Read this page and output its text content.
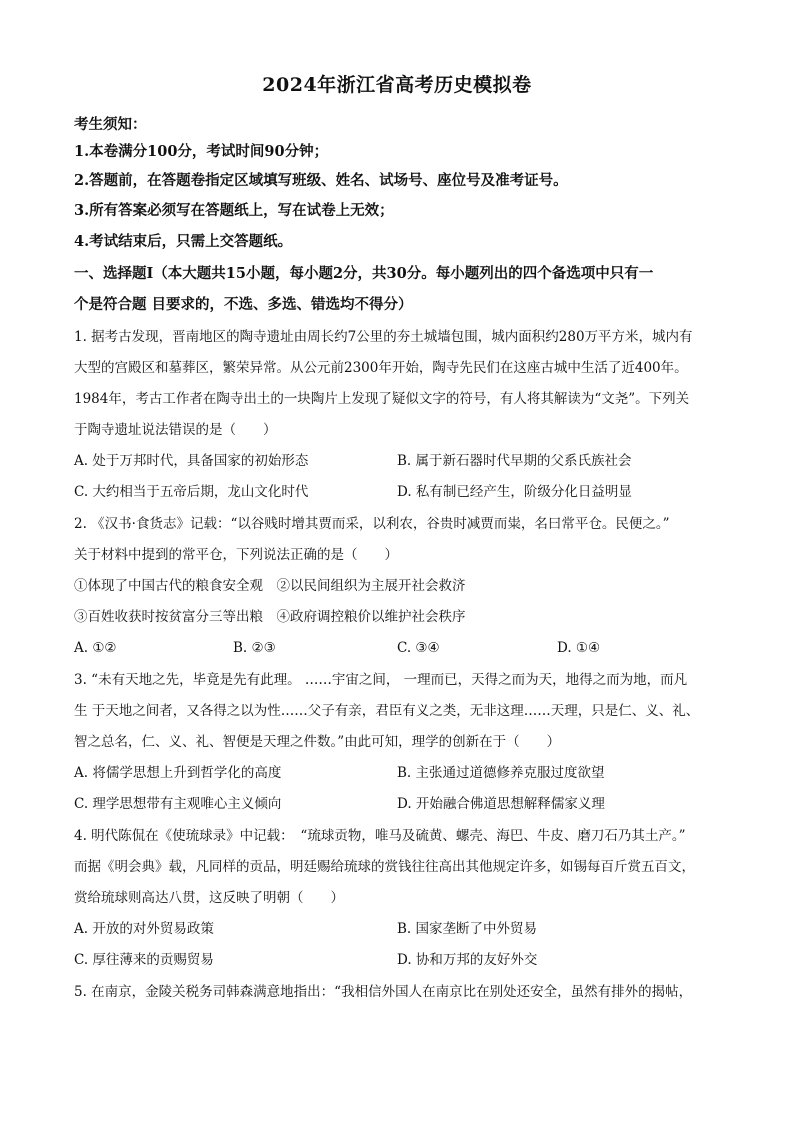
2024年浙江省高考历史模拟卷
考生须知：
1.本卷满分100分，考试时间90分钟；
2.答题前，在答题卷指定区域填写班级、姓名、试场号、座位号及准考证号。
3.所有答案必须写在答题纸上，写在试卷上无效；
4.考试结束后，只需上交答题纸。
一、选择题Ⅰ（本大题共15小题，每小题2分，共30分。每小题列出的四个备选项中只有一
个是符合题 目要求的，不选、多选、错选均不得分）
1. 据考古发现，晋南地区的陶寺遗址由周长约7公里的夯土城墙包围，城内面积约280万平方米，城内有
大型的宫殿区和墓葬区，繁荣异常。从公元前2300年开始，陶寺先民们在这座古城中生活了近400年。
1984年，考古工作者在陶寺出土的一块陶片上发现了疑似文字的符号，有人将其解读为“文尧”。下列关
于陶寺遗址说法错误的是（　　）
A. 处于万邦时代，具备国家的初始形态	B. 属于新石器时代早期的父系氏族社会
C. 大约相当于五帝后期，龙山文化时代	D. 私有制已经产生，阶级分化日益明显
2. 《汉书·食货志》记载：“以谷贱时增其贾而采，以利农，谷贵时减贾而粜，名曰常平仓。民便之。”
关于材料中提到的常平仓，下列说法正确的是（　　）
①体现了中国古代的粮食安全观　②以民间组织为主展开社会救济
③百姓收获时按贫富分三等出粮　④政府调控粮价以维护社会秩序
A. ①②	B. ②③	C. ③④	D. ①④
3. “未有天地之先，毕竟是先有此理。 ……宇宙之间， 一理而已，天得之而为天，地得之而为地，而凡
生 于天地之间者，又各得之以为性……父子有亲，君臣有义之类，无非这理……天理，只是仁、义、礼、
智之总名，仁、义、礼、智便是天理之件数。”由此可知，理学的创新在于（　　）
A. 将儒学思想上升到哲学化的高度	B. 主张通过道德修养克服过度欲望
C. 理学思想带有主观唯心主义倾向	D. 开始融合佛道思想解释儒家义理
4. 明代陈侃在《使琉球录》中记载：　“琉球贡物，唯马及硫黄、螺壳、海巴、牛皮、磨刀石乃其土产。”
而据《明会典》载，凡同样的贡品，明廷赐给琉球的赏钱往往高出其他规定许多，如锡每百斤赏五百文，
赏给琉球则高达八贯，这反映了明朝（　　）
A. 开放的对外贸易政策	B. 国家垄断了中外贸易
C. 厚往薄来的贡赐贸易	D. 协和万邦的友好外交
5. 在南京，金陵关税务司韩森满意地指出：“我相信外国人在南京比在别处还安全，虽然有排外的揭帖，
